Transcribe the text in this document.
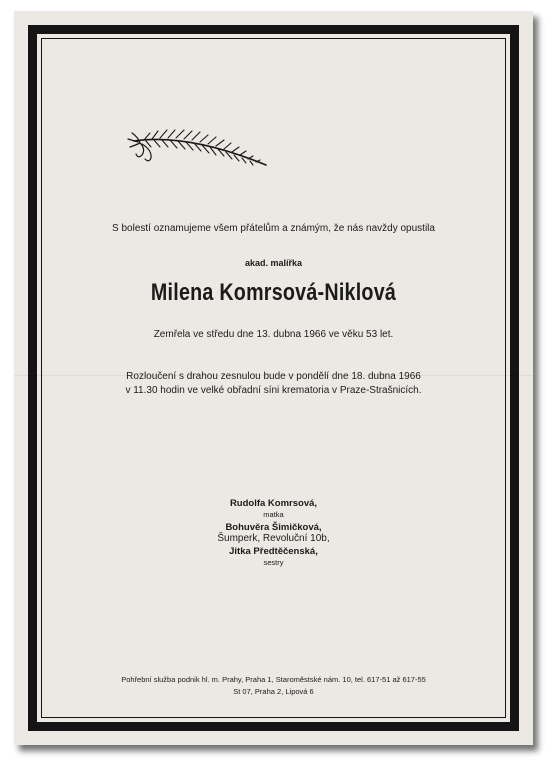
S bolestí oznamujeme všem přátelům a známým, že nás navždy opustila
akad. malířka
Milena Komrsová-Niklová
Zemřela ve středu dne 13. dubna 1966 ve věku 53 let.
Rozloučení s drahou zesnulou bude v pondělí dne 18. dubna 1966
v 11.30 hodin ve velké obřadní síni krematoria v Praze-Strašnicích.
Rudolfa Komrsová,
matka
Bohuvěra Šimičková,
Šumperk, Revoluční 10b,
Jitka Předtěčenská,
sestry
Pohřební služba podnik hl. m. Prahy, Praha 1, Staroměstské nám. 10, tel. 617-51 až 617-55
St 07, Praha 2, Lipová 6
